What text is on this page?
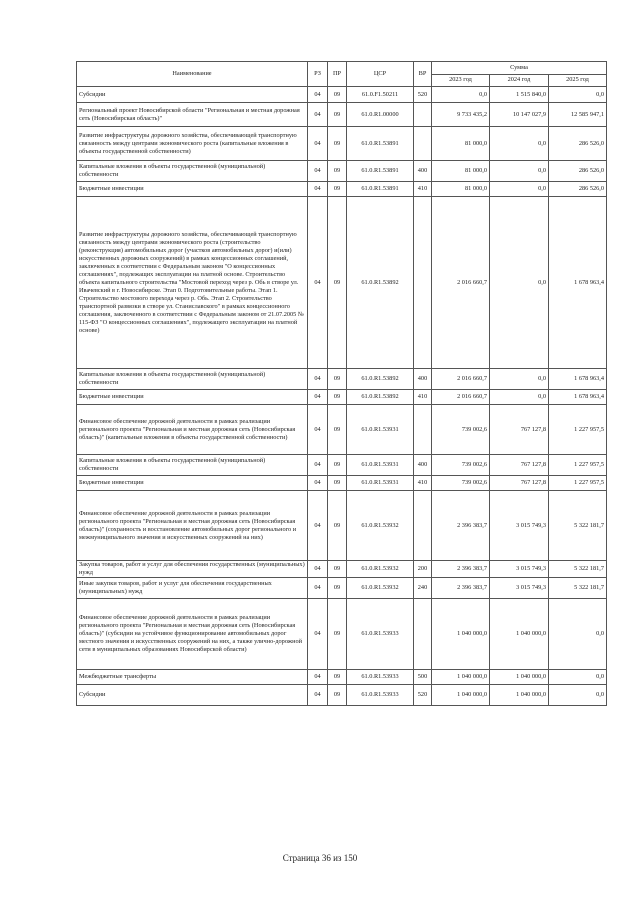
Наименование	РЗ	ПР	ЦСР	ВР	Сумма		
					2023 год	2024 год	2025 год
Субсидии	04	09	61.0.F1.50211	520	0,0	1 515 840,0	0,0
Региональный проект Новосибирской области "Региональная и местная дорожная сеть (Новосибирская область)"	04	09	61.0.R1.00000		9 733 435,2	10 147 027,9	12 585 947,1
Развитие инфраструктуры дорожного хозяйства, обеспечивающей транспортную связанность между центрами экономического роста (капитальные вложения в объекты государственной собственности)	04	09	61.0.R1.53891		81 000,0	0,0	286 526,0
Капитальные вложения в объекты государственной (муниципальной) собственности	04	09	61.0.R1.53891	400	81 000,0	0,0	286 526,0
Бюджетные инвестиции	04	09	61.0.R1.53891	410	81 000,0	0,0	286 526,0
Развитие инфраструктуры дорожного хозяйства, обеспечивающей транспортную связанность между центрами экономического роста (строительство (реконструкция) автомобильных дорог (участков автомобильных дорог) и(или) искусственных дорожных сооружений) в рамках концессионных соглашений, заключенных в соответствии с Федеральным законом "О концессионных соглашениях", подлежащих эксплуатации на платной основе. Строительство объекта капитального строительства "Мостовой переход через р. Обь в створе ул. Ивачевский в г. Новосибирске. Этап 0. Подготовительные работы. Этап 1. Строительство мостового перехода через р. Обь. Этап 2. Строительство транспортной развязки в створе ул. Станиславского" в рамках концессионного соглашения, заключенного в соответствии с Федеральным законом от 21.07.2005 № 115-ФЗ "О концессионных соглашениях", подлежащего эксплуатации на платной основе)	04	09	61.0.R1.53892		2 016 660,7	0,0	1 678 963,4
Капитальные вложения в объекты государственной (муниципальной) собственности	04	09	61.0.R1.53892	400	2 016 660,7	0,0	1 678 963,4
Бюджетные инвестиции	04	09	61.0.R1.53892	410	2 016 660,7	0,0	1 678 963,4
Финансовое обеспечение дорожной деятельности в рамках реализации регионального проекта "Региональная и местная дорожная сеть (Новосибирская область)" (капитальные вложения в объекты государственной собственности)	04	09	61.0.R1.53931		739 002,6	767 127,8	1 227 957,5
Капитальные вложения в объекты государственной (муниципальной) собственности	04	09	61.0.R1.53931	400	739 002,6	767 127,8	1 227 957,5
Бюджетные инвестиции	04	09	61.0.R1.53931	410	739 002,6	767 127,8	1 227 957,5
Финансовое обеспечение дорожной деятельности в рамках реализации регионального проекта "Региональная и местная дорожная сеть (Новосибирская область)" (сохранность и восстановление автомобильных дорог регионального и межмуниципального значения и искусственных сооружений на них)	04	09	61.0.R1.53932		2 396 383,7	3 015 749,3	5 322 181,7
Закупка товаров, работ и услуг для обеспечения государственных (муниципальных) нужд	04	09	61.0.R1.53932	200	2 396 383,7	3 015 749,3	5 322 181,7
Иные закупки товаров, работ и услуг для обеспечения государственных (муниципальных) нужд	04	09	61.0.R1.53932	240	2 396 383,7	3 015 749,3	5 322 181,7
Финансовое обеспечение дорожной деятельности в рамках реализации регионального проекта "Региональная и местная дорожная сеть (Новосибирская область)" (субсидии на устойчивое функционирование автомобильных дорог местного значения и искусственных сооружений на них, а также улично-дорожной сети в муниципальных образованиях Новосибирской области)	04	09	61.0.R1.53933		1 040 000,0	1 040 000,0	0,0
Межбюджетные трансферты	04	09	61.0.R1.53933	500	1 040 000,0	1 040 000,0	0,0
Субсидии	04	09	61.0.R1.53933	520	1 040 000,0	1 040 000,0	0,0
Страница 36 из 150
